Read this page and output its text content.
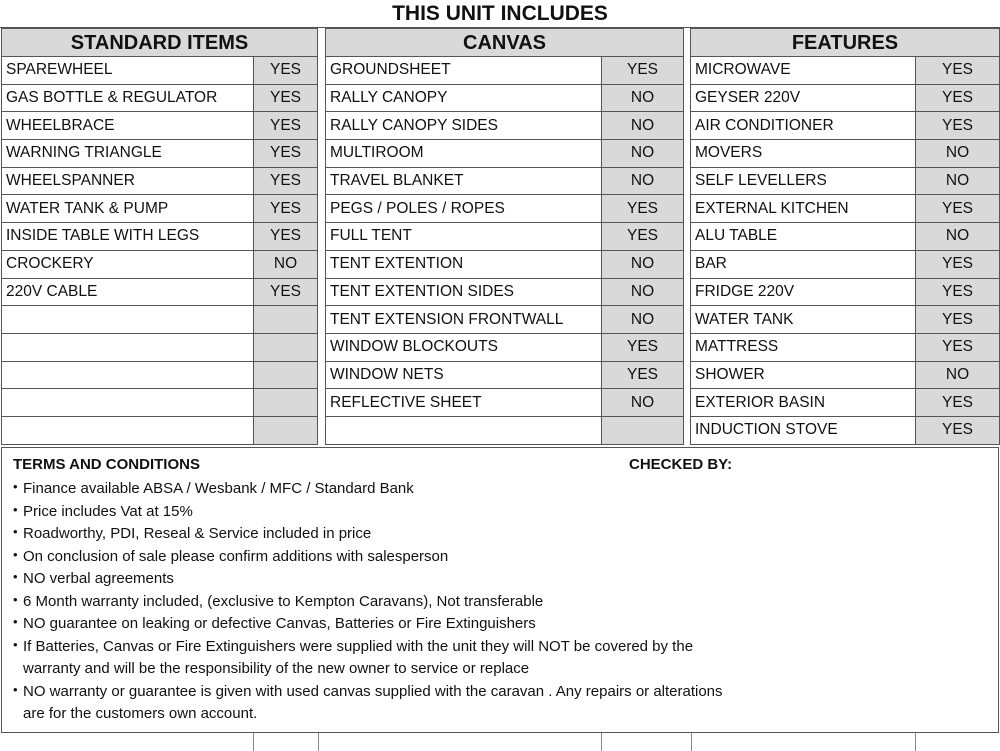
THIS UNIT INCLUDES
STANDARD ITEMS	
SPAREWHEEL	YES
GAS BOTTLE & REGULATOR	YES
WHEELBRACE	YES
WARNING TRIANGLE	YES
WHEELSPANNER	YES
WATER TANK & PUMP	YES
INSIDE TABLE WITH LEGS	YES
CROCKERY	NO
220V CABLE	YES

CANVAS	
GROUNDSHEET	YES
RALLY CANOPY	NO
RALLY CANOPY SIDES	NO
MULTIROOM	NO
TRAVEL BLANKET	NO
PEGS / POLES / ROPES	YES
FULL TENT	YES
TENT EXTENTION	NO
TENT EXTENTION SIDES	NO
TENT EXTENSION FRONTWALL	NO
WINDOW BLOCKOUTS	YES
WINDOW NETS	YES
REFLECTIVE SHEET	NO

FEATURES	
MICROWAVE	YES
GEYSER 220V	YES
AIR CONDITIONER	YES
MOVERS	NO
SELF LEVELLERS	NO
EXTERNAL KITCHEN	YES
ALU TABLE	NO
BAR	YES
FRIDGE 220V	YES
WATER TANK	YES
MATTRESS	YES
SHOWER	NO
EXTERIOR BASIN	YES
INDUCTION STOVE	YES
TERMS AND CONDITIONS	CHECKED BY:
• Finance available ABSA / Wesbank / MFC / Standard Bank
• Price includes Vat at 15%
• Roadworthy, PDI, Reseal & Service included in price
• On conclusion of sale please confirm additions with salesperson
• NO verbal agreements
• 6 Month warranty included, (exclusive to Kempton Caravans), Not transferable
• NO guarantee on leaking or defective Canvas, Batteries or Fire Extinguishers
• If Batteries, Canvas or Fire Extinguishers were supplied with the unit they will NOT be covered by the warranty and will be the responsibility of the new owner to service or replace
• NO warranty or guarantee is given with used canvas supplied with the caravan . Any repairs or alterations are for the customers own account.
